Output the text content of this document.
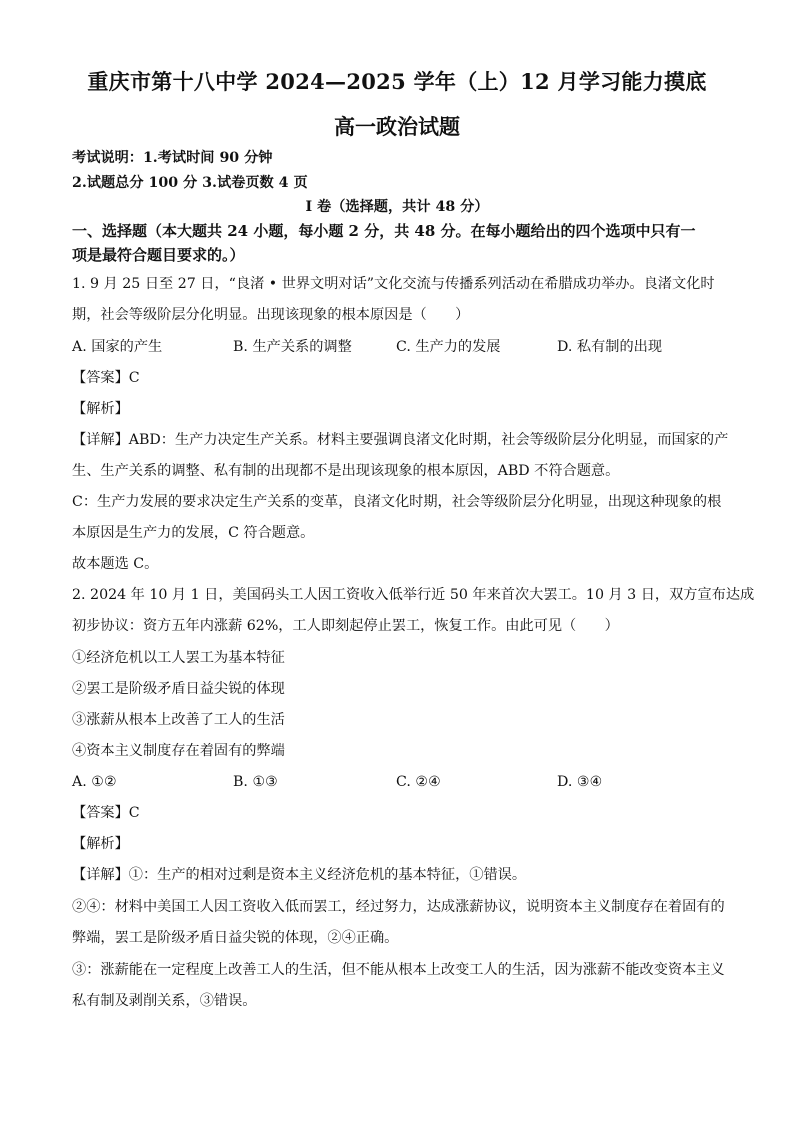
重庆市第十八中学 2024—2025 学年（上）12 月学习能力摸底
高一政治试题
考试说明：1.考试时间 90 分钟
2.试题总分 100 分 3.试卷页数 4 页
I 卷（选择题，共计 48 分）
一、选择题（本大题共 24 小题，每小题 2 分，共 48 分。在每小题给出的四个选项中只有一
项是最符合题目要求的。）
1. 9 月 25 日至 27 日，“良渚 • 世界文明对话”文化交流与传播系列活动在希腊成功举办。良渚文化时
期，社会等级阶层分化明显。出现该现象的根本原因是（　　）
A. 国家的产生	B. 生产关系的调整	C. 生产力的发展	D. 私有制的出现
【答案】C
【解析】
【详解】ABD：生产力决定生产关系。材料主要强调良渚文化时期，社会等级阶层分化明显，而国家的产
生、生产关系的调整、私有制的出现都不是出现该现象的根本原因，ABD 不符合题意。
C：生产力发展的要求决定生产关系的变革，良渚文化时期，社会等级阶层分化明显，出现这种现象的根
本原因是生产力的发展，C 符合题意。
故本题选 C。
2. 2024 年 10 月 1 日，美国码头工人因工资收入低举行近 50 年来首次大罢工。10 月 3 日，双方宣布达成
初步协议：资方五年内涨薪 62%，工人即刻起停止罢工，恢复工作。由此可见（　　）
①经济危机以工人罢工为基本特征
②罢工是阶级矛盾日益尖锐的体现
③涨薪从根本上改善了工人的生活
④资本主义制度存在着固有的弊端
A. ①②	B. ①③	C. ②④	D. ③④
【答案】C
【解析】
【详解】①：生产的相对过剩是资本主义经济危机的基本特征，①错误。
②④：材料中美国工人因工资收入低而罢工，经过努力，达成涨薪协议，说明资本主义制度存在着固有的
弊端，罢工是阶级矛盾日益尖锐的体现，②④正确。
③：涨薪能在一定程度上改善工人的生活，但不能从根本上改变工人的生活，因为涨薪不能改变资本主义
私有制及剥削关系，③错误。
